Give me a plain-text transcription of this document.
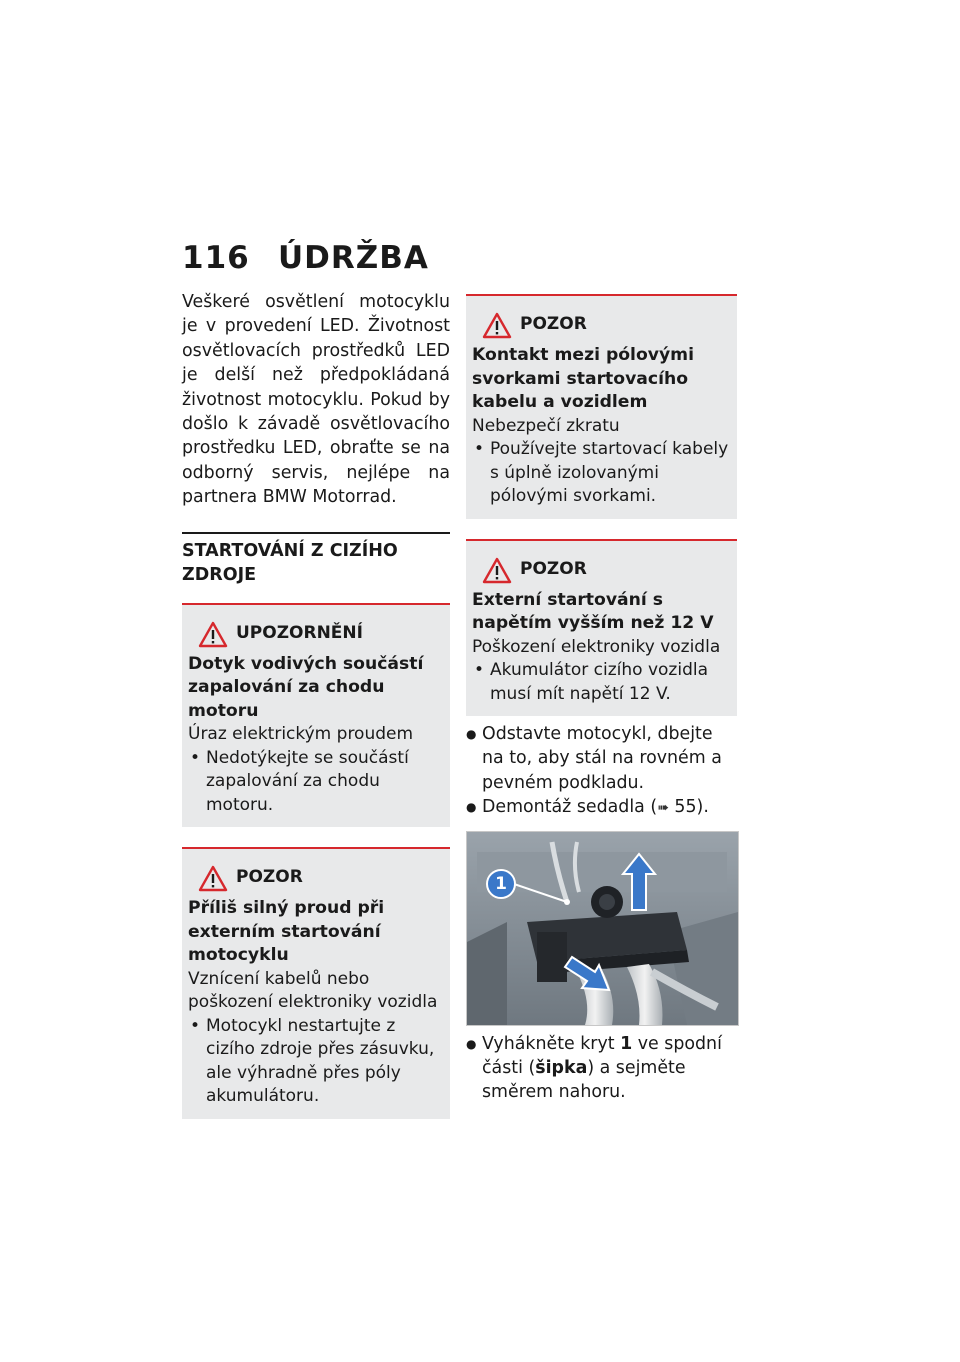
116 ÚDRŽBA

Veškeré osvětlení motocyklu je v provedení LED. Životnost osvětlovacích prostředků LED je delší než předpokládaná životnost motocyklu. Pokud by došlo k závadě osvětlovacího prostředku LED, obraťte se na odborný servis, nejlépe na partnera BMW Motorrad.

STARTOVÁNÍ Z CIZÍHO ZDROJE
UPOZORNĚNÍ
Dotyk vodivých součástí zapalování za chodu motoru
Úraz elektrickým proudem
• Nedotýkejte se součástí zapalování za chodu motoru.
POZOR
Příliš silný proud při externím startování motocyklu
Vznícení kabelů nebo poškození elektroniky vozidla
• Motocykl nestartujte z cizího zdroje přes zásuvku, ale výhradně přes póly akumulátoru.
POZOR
Kontakt mezi pólovými svorkami startovacího kabelu a vozidlem
Nebezpečí zkratu
• Používejte startovací kabely s úplně izolovanými pólovými svorkami.
POZOR
Externí startování s napětím vyšším než 12 V
Poškození elektroniky vozidla
• Akumulátor cizího vozidla musí mít napětí 12 V.
● Odstavte motocykl, dbejte na to, aby stál na rovném a pevném podkladu.
● Demontáž sedadla (➠ 55).
1
● Vyhákněte kryt 1 ve spodní části (šipka) a sejměte směrem nahoru.
